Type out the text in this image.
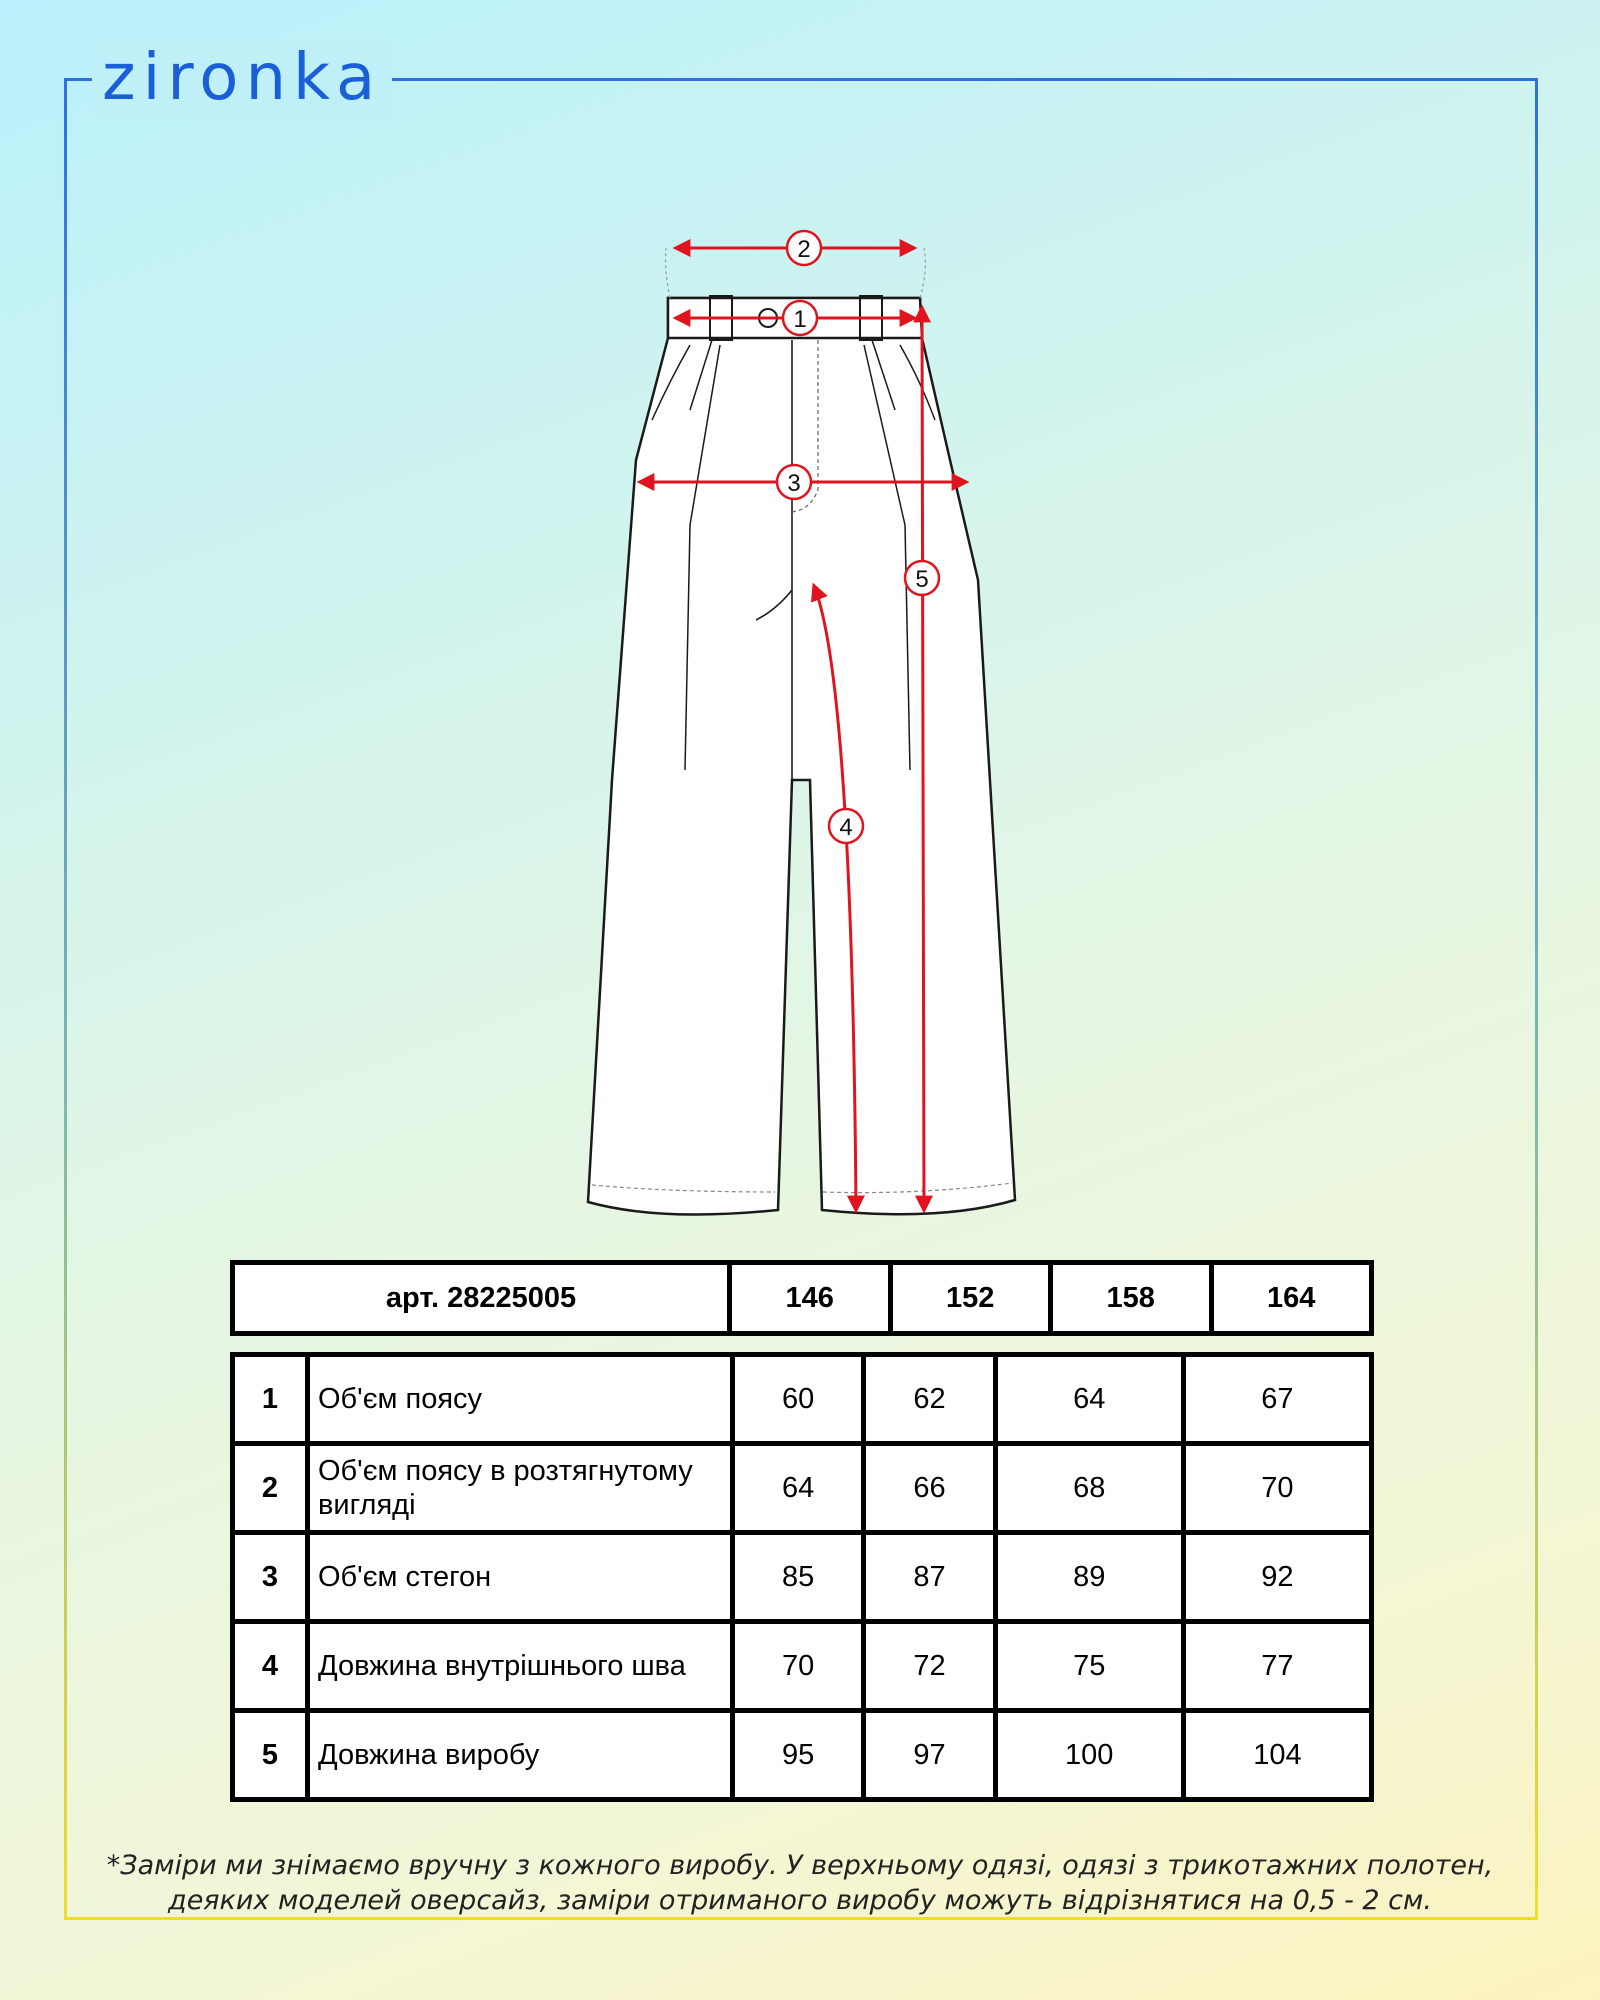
zironka
2
1
3
5
4
арт. 28225005	146	152	158	164
1	Об'єм поясу	60	62	64	67
2	Об'єм поясу в розтягнутому вигляді	64	66	68	70
3	Об'єм стегон	85	87	89	92
4	Довжина внутрішнього шва	70	72	75	77
5	Довжина виробу	95	97	100	104
*Заміри ми знімаємо вручну з кожного виробу. У верхньому одязі, одязі з трикотажних полотен,
деяких моделей оверсайз, заміри отриманого виробу можуть відрізнятися на 0,5 - 2 см.
